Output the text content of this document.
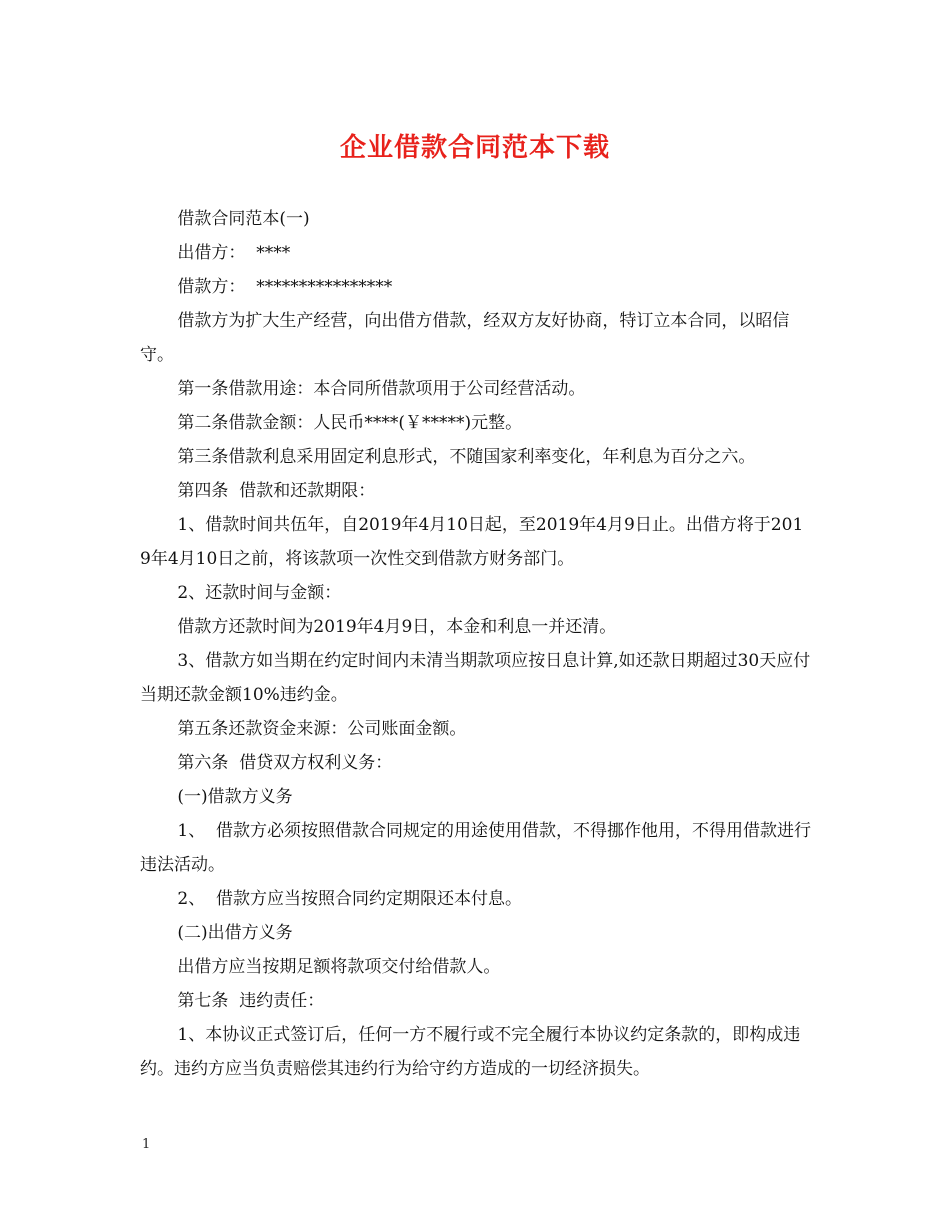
企业借款合同范本下载

借款合同范本(一)

出借方：  ****

借款方：  ****************

借款方为扩大生产经营，向出借方借款，经双方友好协商，特订立本合同，以昭信守。

第一条借款用途：本合同所借款项用于公司经营活动。

第二条借款金额：人民币****(￥*****)元整。

第三条借款利息采用固定利息形式，不随国家利率变化，年利息为百分之六。

第四条  借款和还款期限：

1、借款时间共伍年，自2019年4月10日起，至2019年4月9日止。出借方将于2019年4月10日之前，将该款项一次性交到借款方财务部门。

2、还款时间与金额：

借款方还款时间为2019年4月9日，本金和利息一并还清。

3、借款方如当期在约定时间内未清当期款项应按日息计算,如还款日期超过30天应付当期还款金额10%违约金。

第五条还款资金来源：公司账面金额。

第六条  借贷双方权利义务：

(一)借款方义务

1、  借款方必须按照借款合同规定的用途使用借款，不得挪作他用，不得用借款进行违法活动。

2、  借款方应当按照合同约定期限还本付息。

(二)出借方义务

出借方应当按期足额将款项交付给借款人。

第七条  违约责任：

1、本协议正式签订后，任何一方不履行或不完全履行本协议约定条款的，即构成违约。违约方应当负责赔偿其违约行为给守约方造成的一切经济损失。

1
